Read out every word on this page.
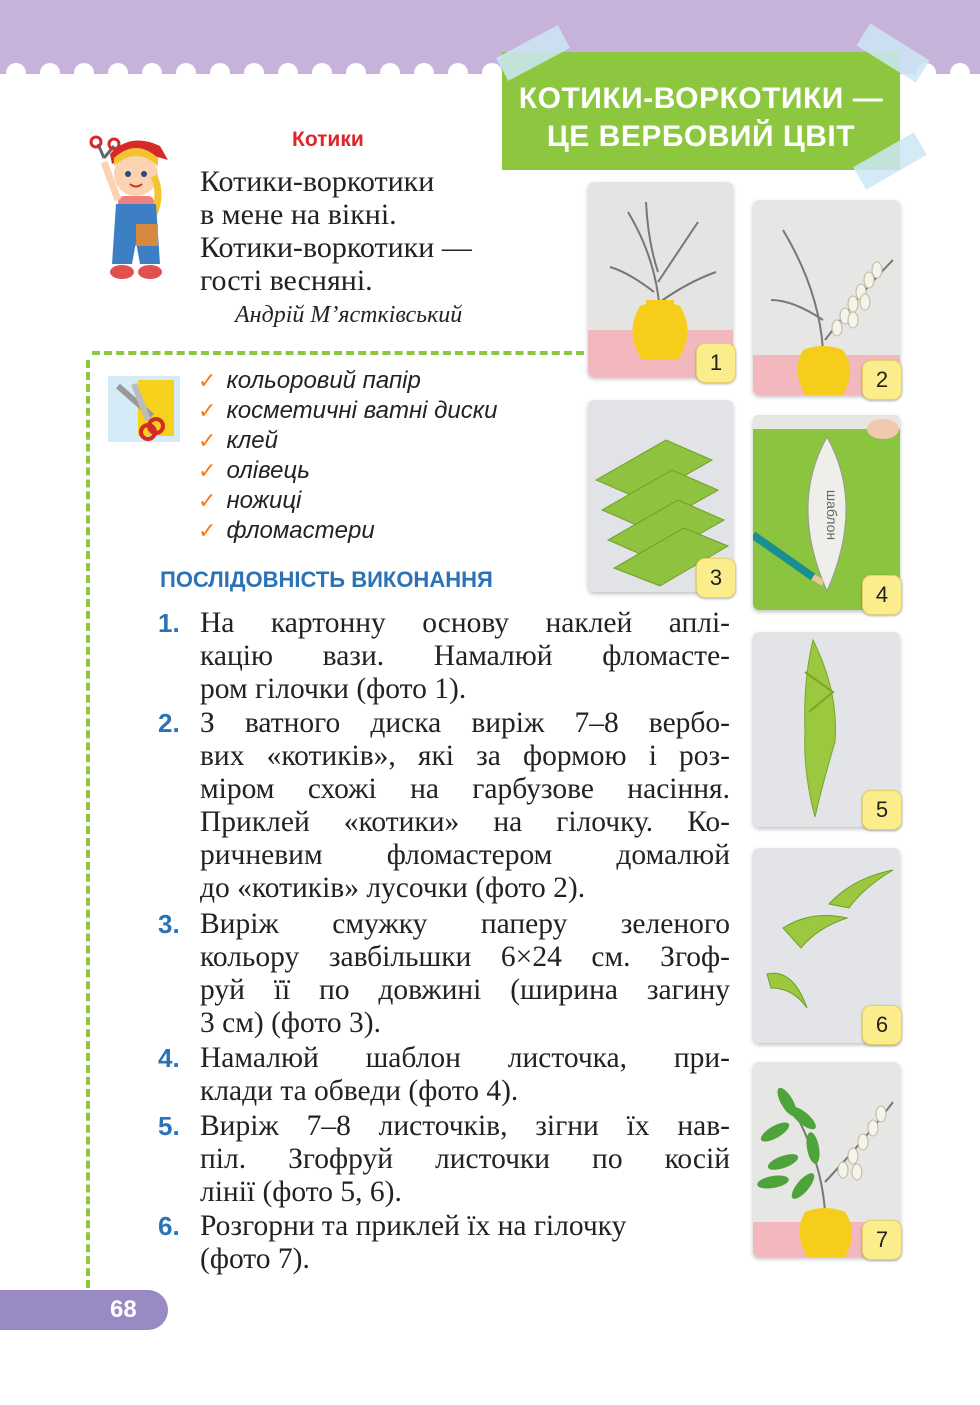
КОТИКИ-ВОРКОТИКИ —
ЦЕ ВЕРБОВИЙ ЦВІТ
Котики
Котики-воркотики
в мене на вікні.
Котики-воркотики —
гості весняні.
Андрій М’ястківський
✓ кольоровий папір
✓ косметичні ватні диски
✓ клей
✓ олівець
✓ ножиці
✓ фломастери
ПОСЛІДОВНІСТЬ ВИКОНАННЯ
1. На картонну основу наклей аплі-
кацію вази. Намалюй фломасте-
ром гілочки (фото 1).
2. З ватного диска виріж 7–8 вербо-
вих «котиків», які за формою і роз-
міром схожі на гарбузове насіння.
Приклей «котики» на гілочку. Ко-
ричневим фломастером домалюй
до «котиків» лусочки (фото 2).
3. Виріж смужку паперу зеленого
кольору завбільшки 6×24 см. Згоф-
руй її по довжині (ширина загину
3 см) (фото 3).
4. Намалюй шаблон листочка, при-
клади та обведи (фото 4).
5. Виріж 7–8 листочків, зігни їх нав-
піл. Згофруй листочки по косій
лінії (фото 5, 6).
6. Розгорни та приклей їх на гілочку
(фото 7).
1
2
3
шаблон
4
5
6
7
68
